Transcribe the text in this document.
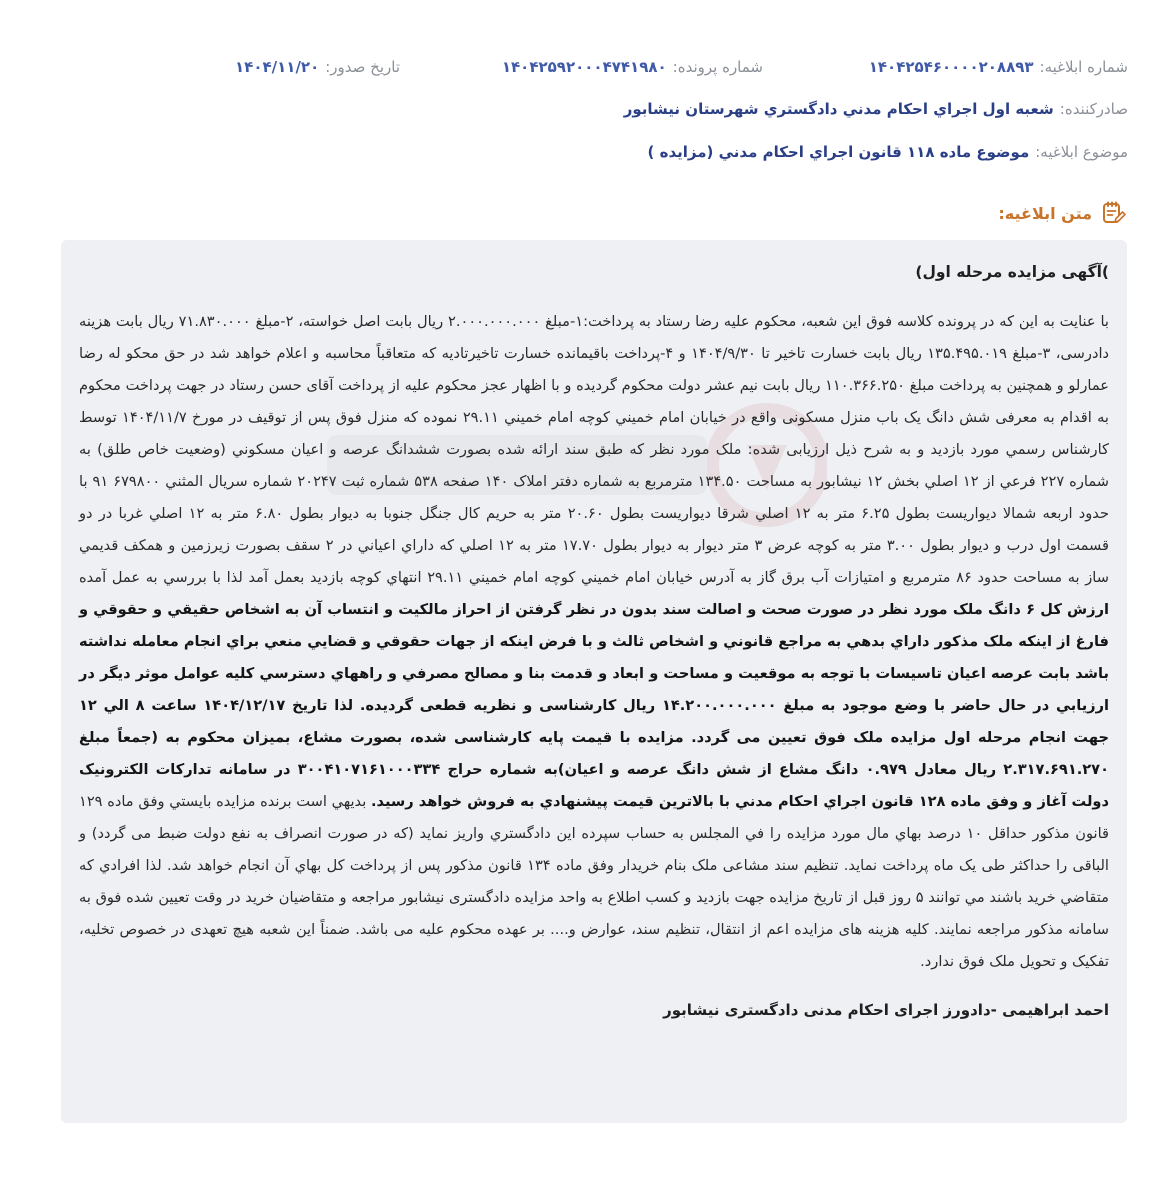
شماره ابلاغیه:
۱۴۰۴۲۵۴۶۰۰۰۰۲۰۸۸۹۳
شماره پرونده:
۱۴۰۴۲۵۹۲۰۰۰۴۷۴۱۹۸۰
تاریخ صدور:
۱۴۰۴/۱۱/۲۰
صادرکننده:
شعبه اول اجراي احكام مدني دادگستري شهرستان نيشابور
موضوع ابلاغیه:
موضوع ماده ۱۱۸ قانون اجراي احكام مدني (مزايده )
متن ابلاغیه:
)آگهی مزایده مرحله اول)

با عنايت به اين كه در پرونده كلاسه فوق اين شعبه، محكوم عليه رضا رستاد به پرداخت:۱-مبلغ ۲.۰۰۰.۰۰۰.۰۰۰ ريال بابت اصل خواسته، ۲-مبلغ ۷۱.۸۳۰.۰۰۰ ريال بابت هزينه دادرسی، ۳-مبلغ ۱۳۵.۴۹۵.۰۱۹ ريال بابت خسارت تاخير تا ۱۴۰۴/۹/۳۰ و ۴-پرداخت باقيمانده خسارت تاخيرتاديه كه متعاقباً محاسبه و اعلام خواهد شد در حق محكو له رضا عمارلو و همچنين به پرداخت مبلغ ۱۱۰.۳۶۶.۲۵۰ ريال بابت نيم عشر دولت محكوم گرديده و با اظهار عجز محكوم عليه از پرداخت آقای حسن رستاد در جهت پرداخت محكوم به اقدام به معرفی شش دانگ يک باب منزل مسكونی واقع در خيابان امام خميني كوچه امام خميني ۲۹.۱۱ نموده كه منزل فوق پس از توقيف در مورخ ۱۴۰۴/۱۱/۷ توسط كارشناس رسمي مورد بازديد و به شرح ذيل ارزيابی شده: ملک مورد نظر كه طبق سند ارائه شده بصورت ششدانگ عرصه و اعيان مسكوني (وضعيت خاص طلق) به شماره ۲۲۷ فرعي از ۱۲ اصلي بخش ۱۲ نيشابور به مساحت ۱۳۴.۵۰ مترمربع به شماره دفتر املاک ۱۴۰ صفحه ۵۳۸ شماره ثبت ۲۰۲۴۷ شماره سريال المثني ۶۷۹۸۰۰ ۹۱ با حدود اربعه شمالا ديواريست بطول ۶.۲۵ متر به ۱۲ اصلي شرقا ديواريست بطول ۲۰.۶۰ متر به حريم كال جنگل جنوبا به ديوار بطول ۶.۸۰ متر به ۱۲ اصلي غربا در دو قسمت اول درب و ديوار بطول ۳.۰۰ متر به كوچه عرض ۳ متر ديوار به ديوار بطول ۱۷.۷۰ متر به ۱۲ اصلي كه داراي اعياني در ۲ سقف بصورت زيرزمين و همكف قديمي ساز به مساحت حدود ۸۶ مترمربع و امتيازات آب برق گاز به آدرس خيابان امام خميني كوچه امام خميني ۲۹.۱۱ انتهاي كوچه بازديد بعمل آمد لذا با بررسي به عمل آمده ارزش كل ۶ دانگ ملک مورد نظر در صورت صحت و اصالت سند بدون در نظر گرفتن از احراز مالكيت و انتساب آن به اشخاص حقيقي و حقوقي و فارغ از اينكه ملک مذكور داراي بدهي به مراجع قانوني و اشخاص ثالث و با فرض اينكه از جهات حقوقي و قضايي منعي براي انجام معامله نداشته باشد بابت عرصه اعيان تاسيسات با توجه به موقعيت و مساحت و ابعاد و قدمت بنا و مصالح مصرفي و راههاي دسترسي كليه عوامل موثر ديگر در ارزيابي در حال حاضر با وضع موجود به مبلغ ۱۴.۲۰۰.۰۰۰.۰۰۰ ريال كارشناسی و نظريه قطعی گرديده. لذا تاريخ ۱۴۰۴/۱۲/۱۷ ساعت ۸ الي ۱۲ جهت انجام مرحله اول مزايده ملک فوق تعيين می گردد. مزايده با قيمت پايه كارشناسی شده، بصورت مشاع، بميزان محكوم به (جمعاً مبلغ ۲.۳۱۷.۶۹۱.۲۷۰ ريال معادل ۰.۹۷۹ دانگ مشاع از شش دانگ عرصه و اعيان)به شماره حراج ۳۰۰۴۱۰۷۱۶۱۰۰۰۳۳۴ در سامانه تداركات الكترونيک دولت آغاز و وفق ماده ۱۲۸ قانون اجراي احكام مدني با بالاترين قيمت پيشنهادي به فروش خواهد رسيد. بديهي است برنده مزايده بايستي وفق ماده ۱۲۹ قانون مذكور حداقل ۱۰ درصد بهاي مال مورد مزايده را في المجلس به حساب سپرده اين دادگستري واريز نمايد (كه در صورت انصراف به نفع دولت ضبط می گردد) و الباقی را حداكثر طی یک ماه پرداخت نمايد. تنظيم سند مشاعی ملک بنام خريدار وفق ماده ۱۳۴ قانون مذكور پس از پرداخت كل بهاي آن انجام خواهد شد. لذا افرادي كه متقاضي خريد باشند مي توانند ۵ روز قبل از تاريخ مزايده جهت بازديد و كسب اطلاع به واحد مزایده دادگستری نیشابور مراجعه و متقاضیان خرید در وقت تعیین شده فوق به سامانه مذکور مراجعه نمایند. کلیه هزینه های مزایده اعم از انتقال، تنظیم سند، عوارض و.... بر عهده محکوم علیه می باشد. ضمناً این شعبه هیچ تعهدی در خصوص تخلیه، تفکیک و تحویل ملک فوق ندارد.

احمد ابراهیمی -دادورز اجرای احکام مدنی دادگستری نیشابور
